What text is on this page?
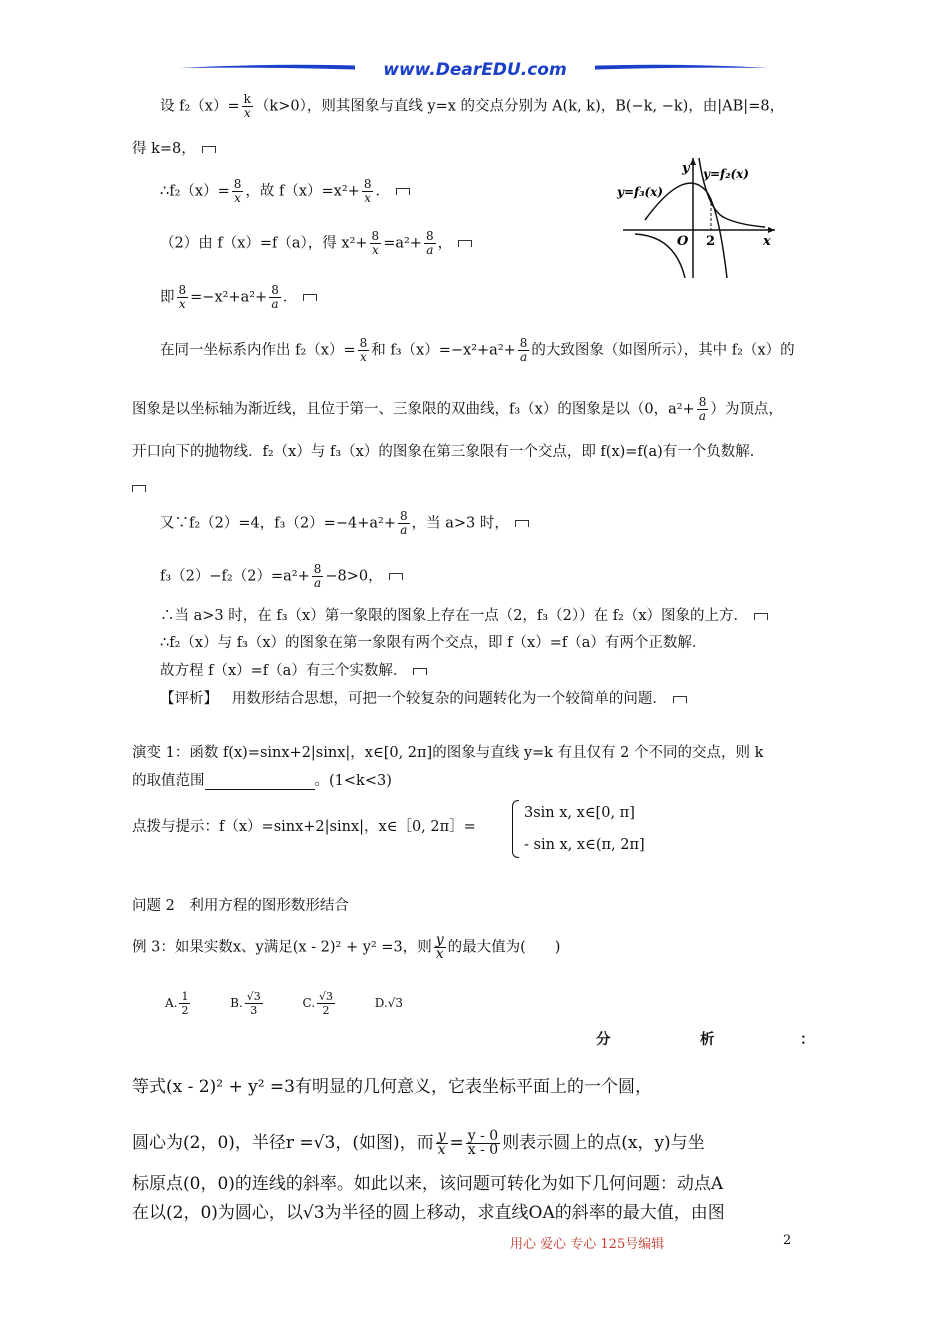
www.DearEDU.com
设 $f_2(x)= \frac{k}{x} (k>0)$，则其图象与直线 y=x 的交点分别为 A(k, k)，B(−k, −k)，由|AB|=8，
得 k=8，
∴f₂（x）= $\frac{8}{x}$ ，故 $f(x)=x^2+ \frac{8}{x}$ ．
（2）由 f（x）=f（a），得 $x^2+ \frac{8}{x} =a^2+ \frac{8}{a}$ ，
即 $\frac{8}{x} =-x^2+a^2+ \frac{8}{a}$ ．
y
x
O 2
y=f₃(x)
y=f₂(x)
在同一坐标系内作出 $f_2(x)= \frac{8}{x}$ 和 $f_3(x)=-x^2+a^2+ \frac{8}{a}$ 的大致图象（如图所示），其中 f₂（x）的
图象是以坐标轴为渐近线，且位于第一、三象限的双曲线，f₃（x）的图象是以（0，$a^2+ \frac{8}{a}$ ）为顶点，
开口向下的抛物线．f₂（x）与 f₃（x）的图象在第三象限有一个交点，即 f(x)=f(a)有一个负数解．
又∵f₂（2）=4，$f_3(2)=-4+a^2+ \frac{8}{a}$ ，当 a>3 时，
$f_3(2)-f_2(2)=a^2+ \frac{8}{a} -8>0$，
∴当 a>3 时，在 f₃（x）第一象限的图象上存在一点（2，f₃（2））在 f₂（x）图象的上方．
∴f₂（x）与 f₃（x）的图象在第一象限有两个交点，即 f（x）=f（a）有两个正数解．
故方程 f（x）=f（a）有三个实数解．
【评析】 用数形结合思想，可把一个较复杂的问题转化为一个较简单的问题．
演变 1：函数 f(x)=sinx+2|sinx|，x∈[0, 2π]的图象与直线 y=k 有且仅有 2 个不同的交点，则 k
的取值范围	。(1<k<3)
点拨与提示：f（x）=sinx+2|sinx|，x∈［0, 2π］=
3sin x, x∈[0, π]
- sin x, x∈(π, 2π]
问题 2　利用方程的图形数形结合
例 3：如果实数x、y满足(x - 2)² + y² =3，则 $\frac{y}{x}$ 的最大值为(　　)
A. $\frac{1}{2}$	B. $\frac{√3}{3}$	C. $\frac{√3}{2}$	D.√3
分	析	：
等式(x - 2)² + y² =3有明显的几何意义，它表坐标平面上的一个圆，
圆心为(2，0)，半径r =√3，(如图)，而 $\frac{y}{x} = \frac{y - 0}{x - 0}$ 则表示圆上的点(x，y)与坐
标原点(0，0)的连线的斜率。如此以来，该问题可转化为如下几何问题：动点A
在以(2，0)为圆心，以√3为半径的圆上移动，求直线OA的斜率的最大值，由图
用心 爱心 专心 125号编辑	2
